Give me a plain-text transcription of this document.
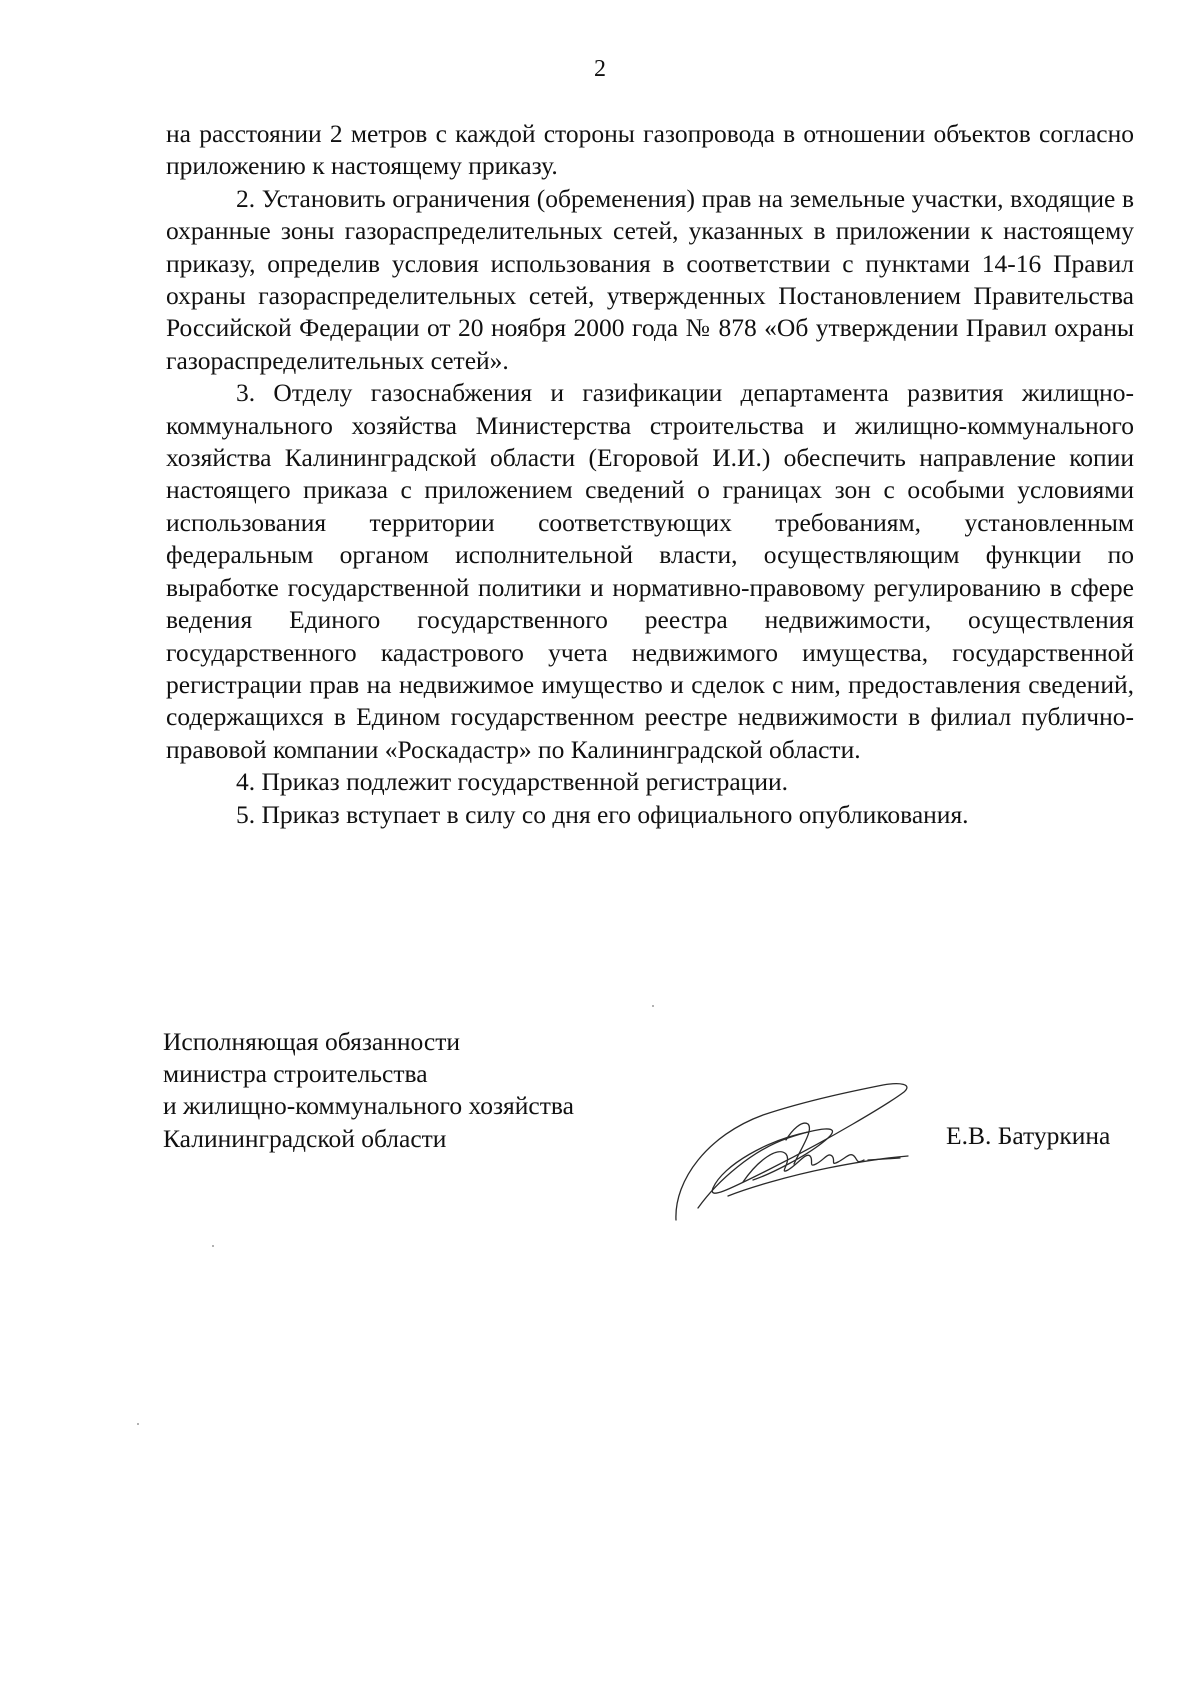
2

на расстоянии 2 метров с каждой стороны газопровода в отношении объектов согласно приложению к настоящему приказу.

2. Установить ограничения (обременения) прав на земельные участки, входящие в охранные зоны газораспределительных сетей, указанных в приложении к настоящему приказу, определив условия использования в соответствии с пунктами 14-16 Правил охраны газораспределительных сетей, утвержденных Постановлением Правительства Российской Федерации от 20 ноября 2000 года № 878 «Об утверждении Правил охраны газораспределительных сетей».

3. Отделу газоснабжения и газификации департамента развития жилищно-коммунального хозяйства Министерства строительства и жилищно-коммунального хозяйства Калининградской области (Егоровой И.И.) обеспечить направление копии настоящего приказа с приложением сведений о границах зон с особыми условиями использования территории соответствующих требованиям, установленным федеральным органом исполнительной власти, осуществляющим функции по выработке государственной политики и нормативно-правовому регулированию в сфере ведения Единого государственного реестра недвижимости, осуществления государственного кадастрового учета недвижимого имущества, государственной регистрации прав на недвижимое имущество и сделок с ним, предоставления сведений, содержащихся в Едином государственном реестре недвижимости в филиал публично-правовой компании «Роскадастр» по Калининградской области.

4. Приказ подлежит государственной регистрации.

5. Приказ вступает в силу со дня его официального опубликования.

Исполняющая обязанности
министра строительства
и жилищно-коммунального хозяйства
Калининградской области	Е.В. Батуркина
